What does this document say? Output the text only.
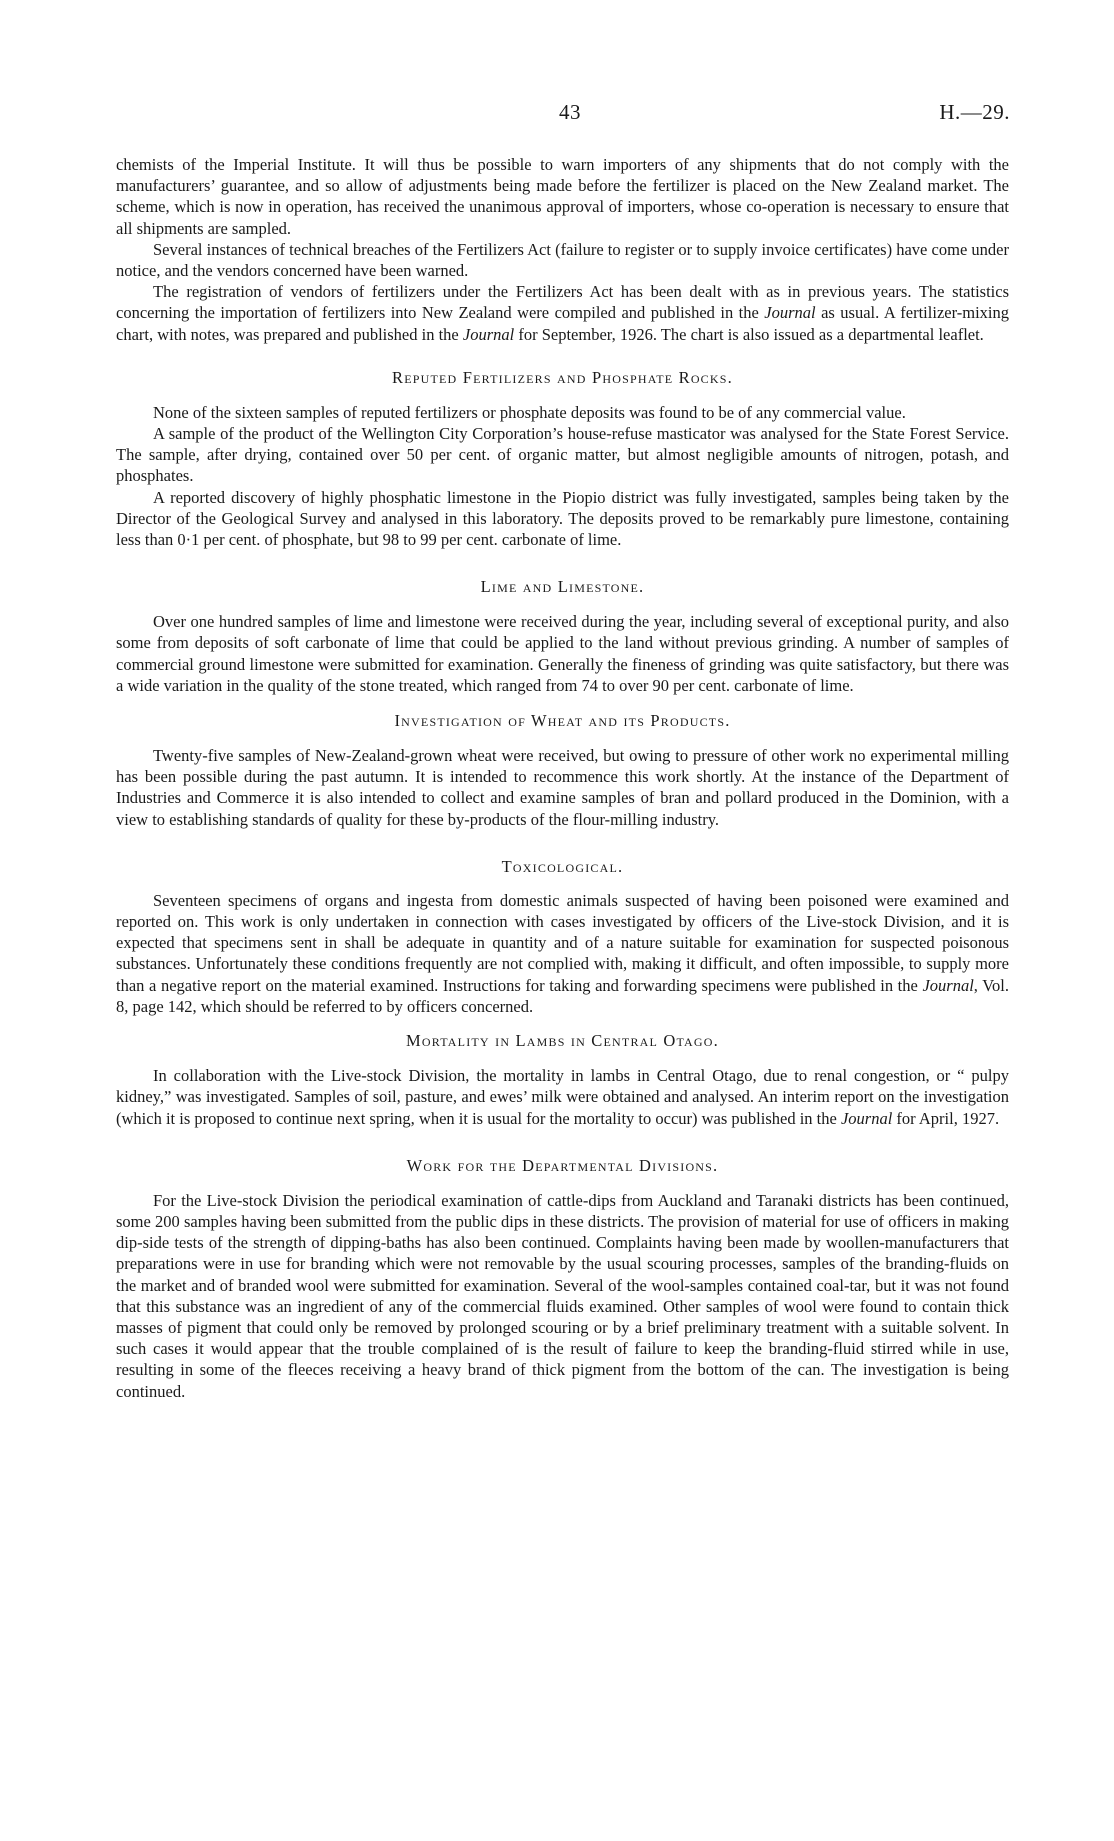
43	H.—29.

chemists of the Imperial Institute. It will thus be possible to warn importers of any shipments that do not comply with the manufacturers’ guarantee, and so allow of adjustments being made before the fertilizer is placed on the New Zealand market. The scheme, which is now in operation, has received the unanimous approval of importers, whose co-operation is necessary to ensure that all shipments are sampled.

Several instances of technical breaches of the Fertilizers Act (failure to register or to supply invoice certificates) have come under notice, and the vendors concerned have been warned.

The registration of vendors of fertilizers under the Fertilizers Act has been dealt with as in previous years. The statistics concerning the importation of fertilizers into New Zealand were compiled and published in the Journal as usual. A fertilizer-mixing chart, with notes, was prepared and published in the Journal for September, 1926. The chart is also issued as a departmental leaflet.

Reputed Fertilizers and Phosphate Rocks.

None of the sixteen samples of reputed fertilizers or phosphate deposits was found to be of any commercial value.

A sample of the product of the Wellington City Corporation’s house-refuse masticator was analysed for the State Forest Service. The sample, after drying, contained over 50 per cent. of organic matter, but almost negligible amounts of nitrogen, potash, and phosphates.

A reported discovery of highly phosphatic limestone in the Piopio district was fully investigated, samples being taken by the Director of the Geological Survey and analysed in this laboratory. The deposits proved to be remarkably pure limestone, containing less than 0·1 per cent. of phosphate, but 98 to 99 per cent. carbonate of lime.

Lime and Limestone.

Over one hundred samples of lime and limestone were received during the year, including several of exceptional purity, and also some from deposits of soft carbonate of lime that could be applied to the land without previous grinding. A number of samples of commercial ground limestone were submitted for examination. Generally the fineness of grinding was quite satisfactory, but there was a wide variation in the quality of the stone treated, which ranged from 74 to over 90 per cent. carbonate of lime.

Investigation of Wheat and its Products.

Twenty-five samples of New-Zealand-grown wheat were received, but owing to pressure of other work no experimental milling has been possible during the past autumn. It is intended to recommence this work shortly. At the instance of the Department of Industries and Commerce it is also intended to collect and examine samples of bran and pollard produced in the Dominion, with a view to establishing standards of quality for these by-products of the flour-milling industry.

Toxicological.

Seventeen specimens of organs and ingesta from domestic animals suspected of having been poisoned were examined and reported on. This work is only undertaken in connection with cases investigated by officers of the Live-stock Division, and it is expected that specimens sent in shall be adequate in quantity and of a nature suitable for examination for suspected poisonous substances. Unfortunately these conditions frequently are not complied with, making it difficult, and often impossible, to supply more than a negative report on the material examined. Instructions for taking and forwarding specimens were published in the Journal, Vol. 8, page 142, which should be referred to by officers concerned.

Mortality in Lambs in Central Otago.

In collaboration with the Live-stock Division, the mortality in lambs in Central Otago, due to renal congestion, or “ pulpy kidney,” was investigated. Samples of soil, pasture, and ewes’ milk were obtained and analysed. An interim report on the investigation (which it is proposed to continue next spring, when it is usual for the mortality to occur) was published in the Journal for April, 1927.

Work for the Departmental Divisions.

For the Live-stock Division the periodical examination of cattle-dips from Auckland and Taranaki districts has been continued, some 200 samples having been submitted from the public dips in these districts. The provision of material for use of officers in making dip-side tests of the strength of dipping-baths has also been continued. Complaints having been made by woollen-manufacturers that preparations were in use for branding which were not removable by the usual scouring processes, samples of the branding-fluids on the market and of branded wool were submitted for examination. Several of the wool-samples contained coal-tar, but it was not found that this substance was an ingredient of any of the commercial fluids examined. Other samples of wool were found to contain thick masses of pigment that could only be removed by prolonged scouring or by a brief preliminary treatment with a suitable solvent. In such cases it would appear that the trouble complained of is the result of failure to keep the branding-fluid stirred while in use, resulting in some of the fleeces receiving a heavy brand of thick pigment from the bottom of the can. The investigation is being continued.
